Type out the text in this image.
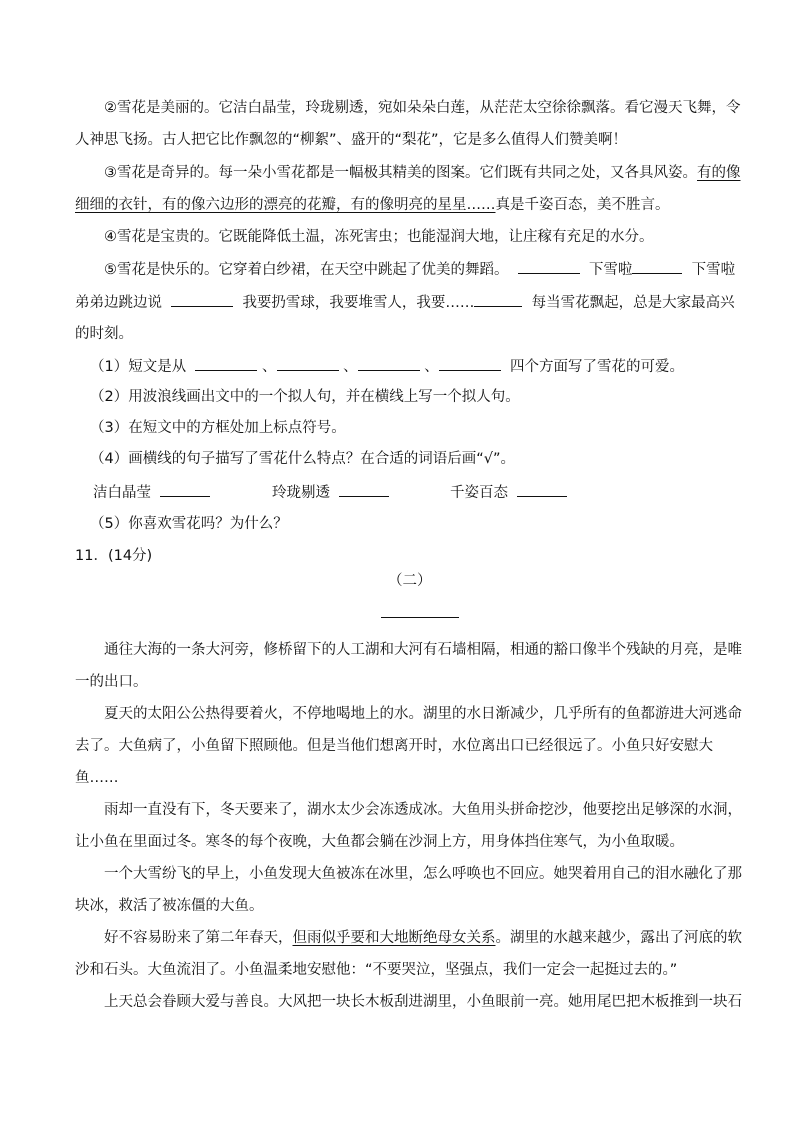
②雪花是美丽的。它洁白晶莹，玲珑剔透，宛如朵朵白莲，从茫茫太空徐徐飘落。看它漫天飞舞，令
人神思飞扬。古人把它比作飘忽的“柳絮”、盛开的“梨花”，它是多么值得人们赞美啊！
③雪花是奇异的。每一朵小雪花都是一幅极其精美的图案。它们既有共同之处，又各具风姿。有的像
细细的衣针，有的像六边形的漂亮的花瓣，有的像明亮的星星……真是千姿百态，美不胜言。
④雪花是宝贵的。它既能降低土温，冻死害虫；也能湿润大地，让庄稼有充足的水分。
⑤雪花是快乐的。它穿着白纱裙，在天空中跳起了优美的舞蹈。	下雪啦	下雪啦
弟弟边跳边说	我要扔雪球，我要堆雪人，我要……	每当雪花飘起，总是大家最高兴
的时刻。
（1）短文是从	、	、	、	四个方面写了雪花的可爱。
（2）用波浪线画出文中的一个拟人句，并在横线上写一个拟人句。
（3）在短文中的方框处加上标点符号。
（4）画横线的句子描写了雪花什么特点？在合适的词语后画“√”。
洁白晶莹	玲珑剔透	千姿百态
（5）你喜欢雪花吗？为什么？
11．(14分)
（二）
通往大海的一条大河旁，修桥留下的人工湖和大河有石墙相隔，相通的豁口像半个残缺的月亮，是唯
一的出口。
夏天的太阳公公热得要着火，不停地喝地上的水。湖里的水日渐减少，几乎所有的鱼都游进大河逃命
去了。大鱼病了，小鱼留下照顾他。但是当他们想离开时，水位离出口已经很远了。小鱼只好安慰大
鱼……
雨却一直没有下，冬天要来了，湖水太少会冻透成冰。大鱼用头拼命挖沙，他要挖出足够深的水洞，
让小鱼在里面过冬。寒冬的每个夜晚，大鱼都会躺在沙洞上方，用身体挡住寒气，为小鱼取暖。
一个大雪纷飞的早上，小鱼发现大鱼被冻在冰里，怎么呼唤也不回应。她哭着用自己的泪水融化了那
块冰，救活了被冻僵的大鱼。
好不容易盼来了第二年春天，但雨似乎要和大地断绝母女关系。湖里的水越来越少，露出了河底的软
沙和石头。大鱼流泪了。小鱼温柔地安慰他：“不要哭泣，坚强点，我们一定会一起挺过去的。”
上天总会眷顾大爱与善良。大风把一块长木板刮进湖里，小鱼眼前一亮。她用尾巴把木板推到一块石
